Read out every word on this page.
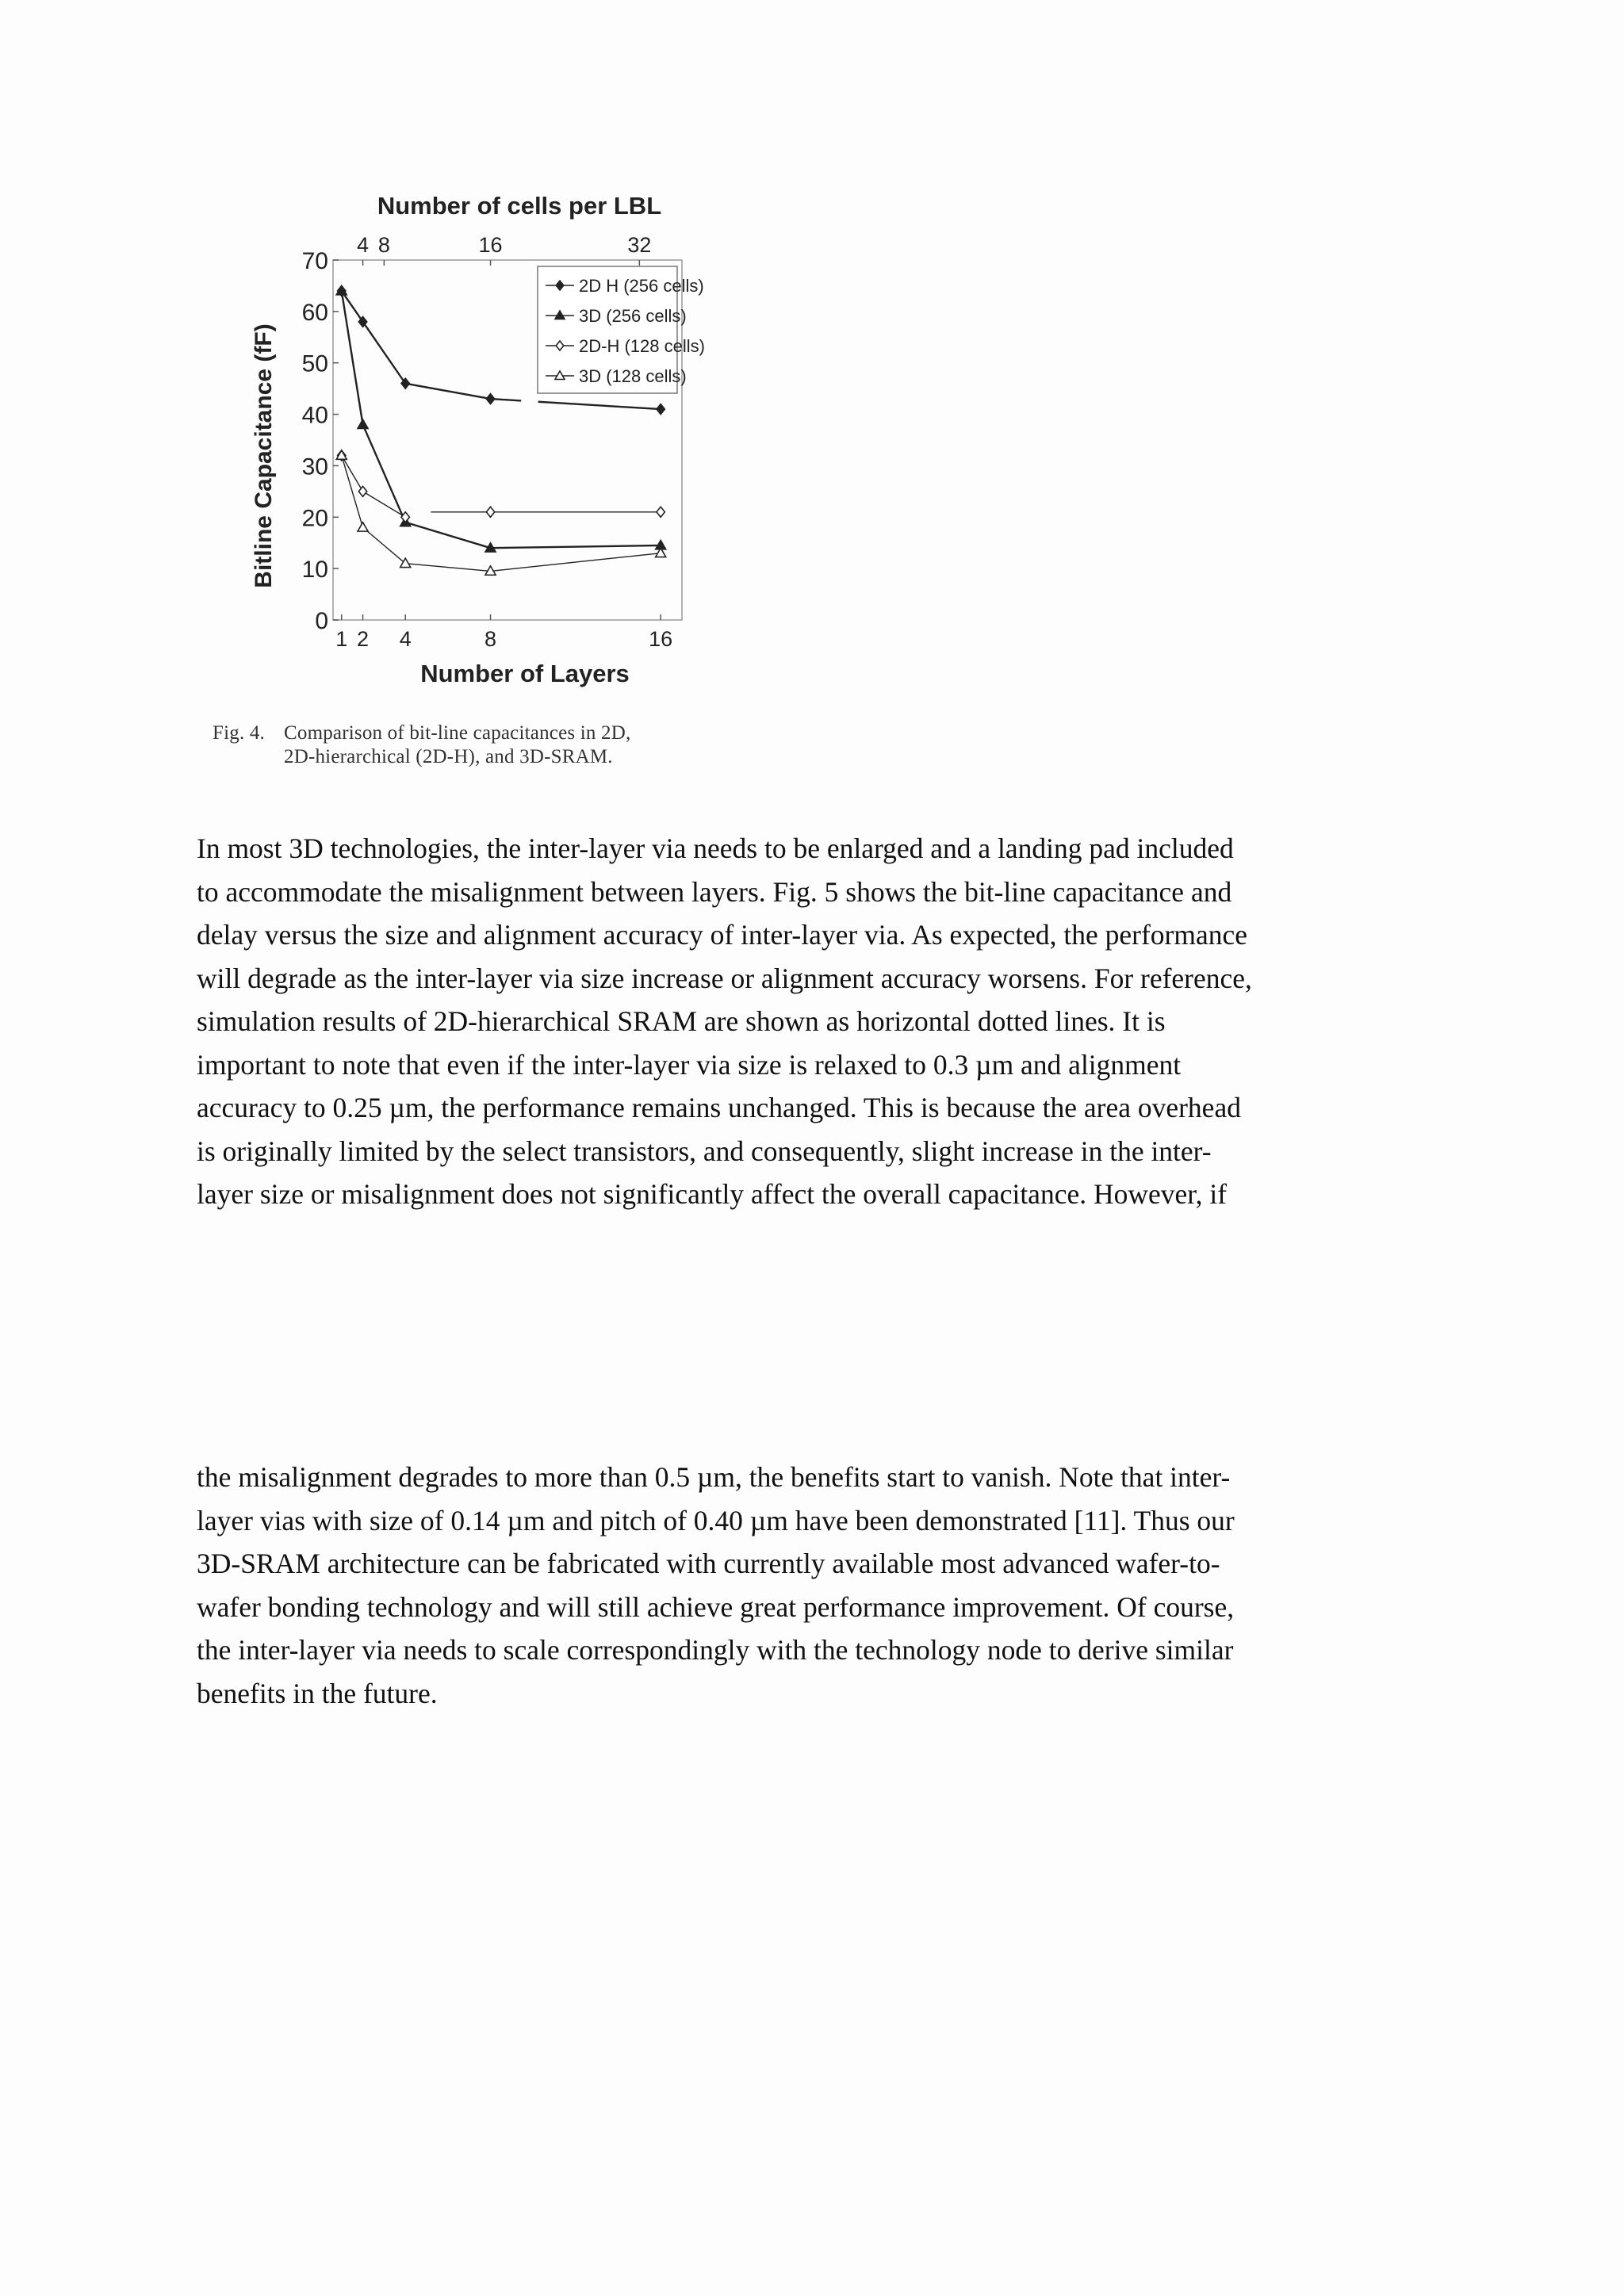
Number of cells per LBL
Bitline Capacitance (fF)
Number of Layers
0
10
20
30
40
50
60
70
1 2 4	8	16
4 8	16	32
2D H (256 cells)
3D (256 cells)
2D-H (128 cells)
3D (128 cells)
Fig. 4. Comparison of bit-line capacitances in 2D,
2D-hierarchical (2D-H), and 3D-SRAM.
In most 3D technologies, the inter-layer via needs to be enlarged and a landing pad included
to accommodate the misalignment between layers. Fig. 5 shows the bit-line capacitance and
delay versus the size and alignment accuracy of inter-layer via. As expected, the performance
will degrade as the inter-layer via size increase or alignment accuracy worsens. For reference,
simulation results of 2D-hierarchical SRAM are shown as horizontal dotted lines. It is
important to note that even if the inter-layer via size is relaxed to 0.3 µm and alignment
accuracy to 0.25 µm, the performance remains unchanged. This is because the area overhead
is originally limited by the select transistors, and consequently, slight increase in the inter-
layer size or misalignment does not significantly affect the overall capacitance. However, if
the misalignment degrades to more than 0.5 µm, the benefits start to vanish. Note that inter-
layer vias with size of 0.14 µm and pitch of 0.40 µm have been demonstrated [11]. Thus our
3D-SRAM architecture can be fabricated with currently available most advanced wafer-to-
wafer bonding technology and will still achieve great performance improvement. Of course,
the inter-layer via needs to scale correspondingly with the technology node to derive similar
benefits in the future.
